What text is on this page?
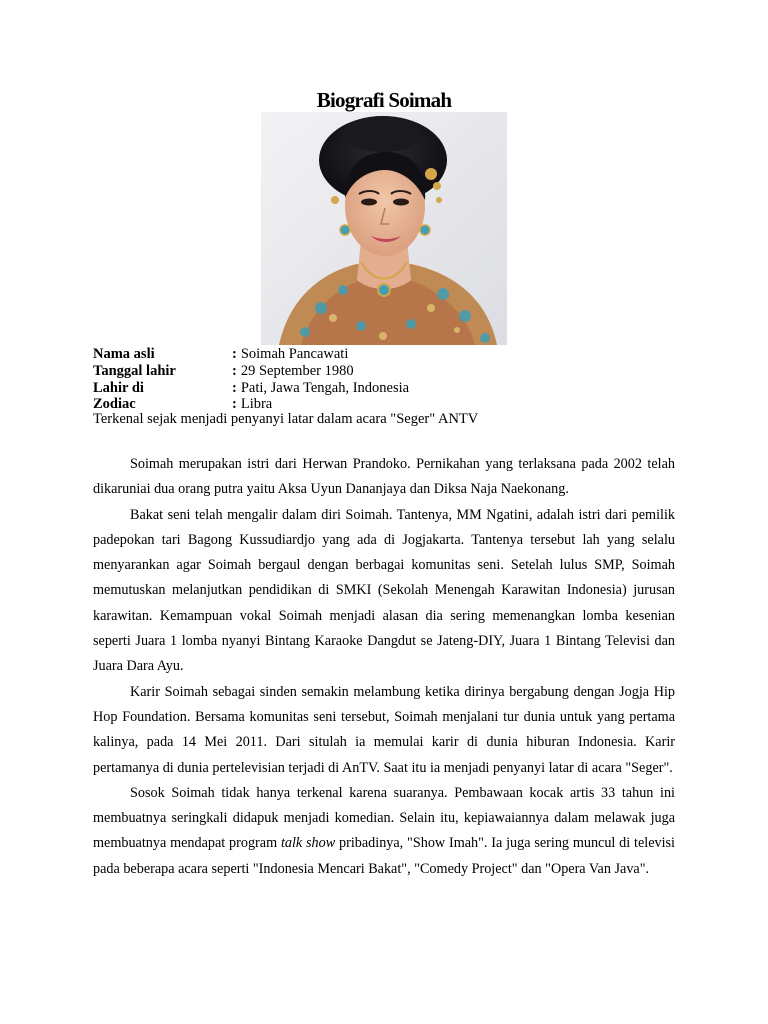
Biografi Soimah
Nama asli	: Soimah Pancawati
Tanggal lahir	: 29 September 1980
Lahir di	: Pati, Jawa Tengah, Indonesia
Zodiac	: Libra
Terkenal sejak menjadi penyanyi latar dalam acara "Seger" ANTV

Soimah merupakan istri dari Herwan Prandoko. Pernikahan yang terlaksana pada 2002 telah dikaruniai dua orang putra yaitu Aksa Uyun Dananjaya dan Diksa Naja Naekonang.

Bakat seni telah mengalir dalam diri Soimah. Tantenya, MM Ngatini, adalah istri dari pemilik padepokan tari Bagong Kussudiardjo yang ada di Jogjakarta. Tantenya tersebut lah yang selalu menyarankan agar Soimah bergaul dengan berbagai komunitas seni. Setelah lulus SMP, Soimah memutuskan melanjutkan pendidikan di SMKI (Sekolah Menengah Karawitan Indonesia) jurusan karawitan. Kemampuan vokal Soimah menjadi alasan dia sering memenangkan lomba kesenian seperti Juara 1 lomba nyanyi Bintang Karaoke Dangdut se Jateng-DIY, Juara 1 Bintang Televisi dan Juara Dara Ayu.

Karir Soimah sebagai sinden semakin melambung ketika dirinya bergabung dengan Jogja Hip Hop Foundation. Bersama komunitas seni tersebut, Soimah menjalani tur dunia untuk yang pertama kalinya, pada 14 Mei 2011. Dari situlah ia memulai karir di dunia hiburan Indonesia. Karir pertamanya di dunia pertelevisian terjadi di AnTV. Saat itu ia menjadi penyanyi latar di acara "Seger".

Sosok Soimah tidak hanya terkenal karena suaranya. Pembawaan kocak artis 33 tahun ini membuatnya seringkali didapuk menjadi komedian. Selain itu, kepiawaiannya dalam melawak juga membuatnya mendapat program talk show pribadinya, "Show Imah". Ia juga sering muncul di televisi pada beberapa acara seperti "Indonesia Mencari Bakat", "Comedy Project" dan "Opera Van Java".
